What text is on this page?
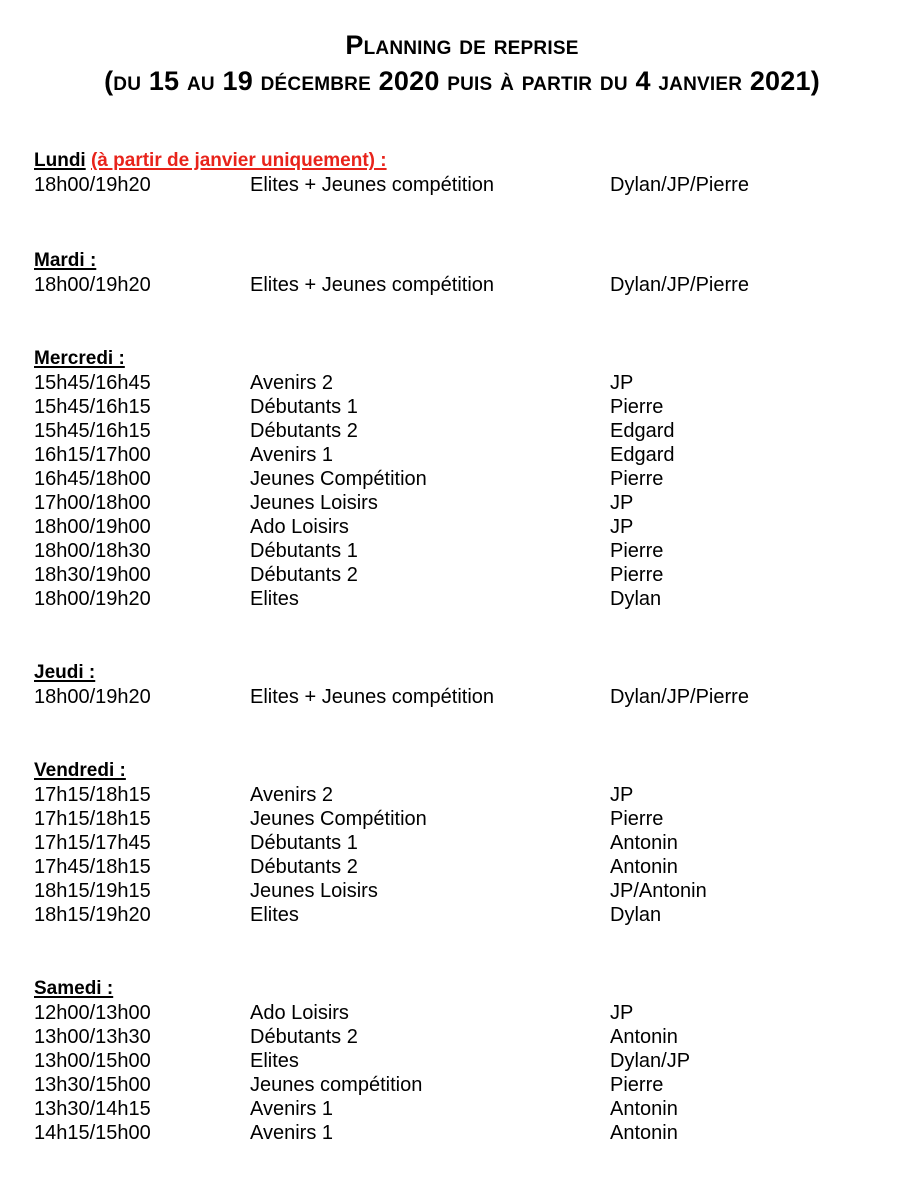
Planning de reprise
(du 15 au 19 décembre 2020 puis à partir du 4 janvier 2021)
Lundi (à partir de janvier uniquement) :
18h00/19h20	Elites + Jeunes compétition	Dylan/JP/Pierre
Mardi :
18h00/19h20	Elites + Jeunes compétition	Dylan/JP/Pierre
Mercredi :
15h45/16h45	Avenirs 2	JP
15h45/16h15	Débutants 1	Pierre
15h45/16h15	Débutants 2	Edgard
16h15/17h00	Avenirs 1	Edgard
16h45/18h00	Jeunes Compétition	Pierre
17h00/18h00	Jeunes Loisirs	JP
18h00/19h00	Ado Loisirs	JP
18h00/18h30	Débutants 1	Pierre
18h30/19h00	Débutants 2	Pierre
18h00/19h20	Elites	Dylan
Jeudi :
18h00/19h20	Elites + Jeunes compétition	Dylan/JP/Pierre
Vendredi :
17h15/18h15	Avenirs 2	JP
17h15/18h15	Jeunes Compétition	Pierre
17h15/17h45	Débutants 1	Antonin
17h45/18h15	Débutants 2	Antonin
18h15/19h15	Jeunes Loisirs	JP/Antonin
18h15/19h20	Elites	Dylan
Samedi :
12h00/13h00	Ado Loisirs	JP
13h00/13h30	Débutants 2	Antonin
13h00/15h00	Elites	Dylan/JP
13h30/15h00	Jeunes compétition	Pierre
13h30/14h15	Avenirs 1	Antonin
14h15/15h00	Avenirs 1	Antonin
